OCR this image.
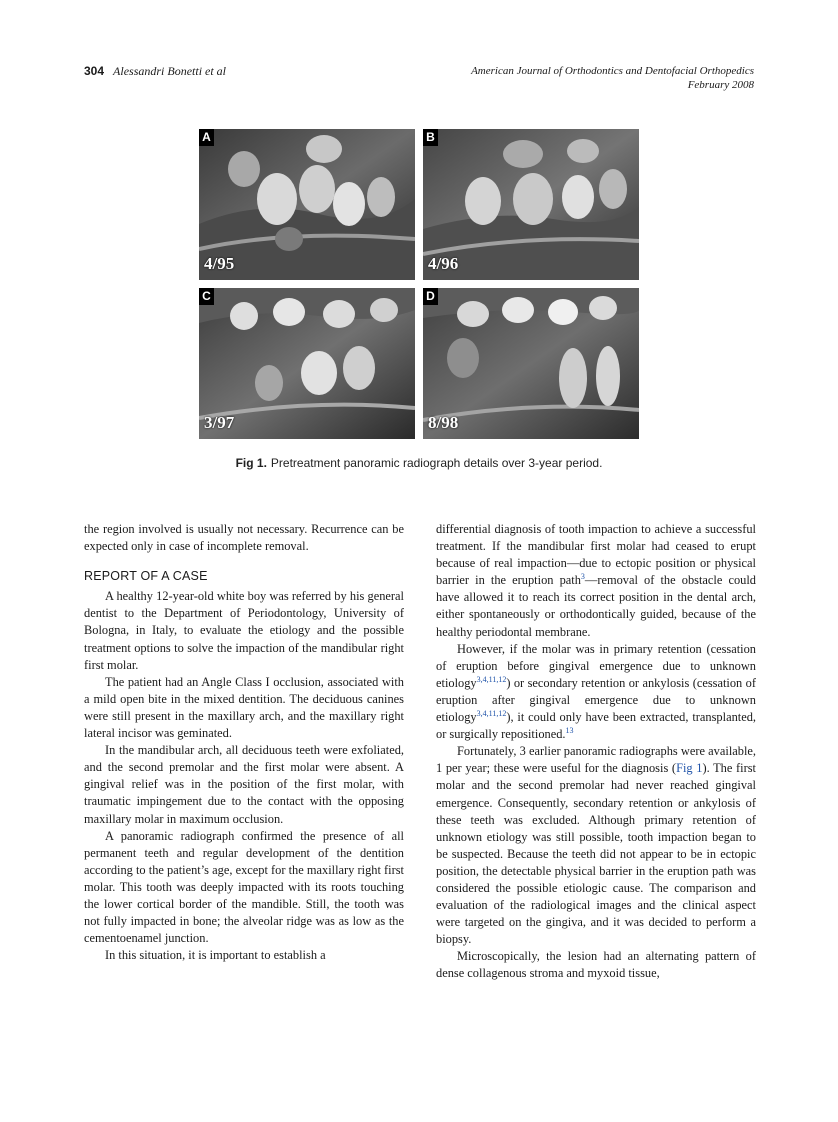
304 Alessandri Bonetti et al	American Journal of Orthodontics and Dentofacial Orthopedics
February 2008
A
4/95
B
4/96
C
3/97
D
8/98
Fig 1. Pretreatment panoramic radiograph details over 3-year period.

the region involved is usually not necessary. Recurrence can be expected only in case of incomplete removal.

REPORT OF A CASE

A healthy 12-year-old white boy was referred by his general dentist to the Department of Periodontology, University of Bologna, in Italy, to evaluate the etiology and the possible treatment options to solve the impaction of the mandibular right first molar.

The patient had an Angle Class I occlusion, associated with a mild open bite in the mixed dentition. The deciduous canines were still present in the maxillary arch, and the maxillary right lateral incisor was geminated.

In the mandibular arch, all deciduous teeth were exfoliated, and the second premolar and the first molar were absent. A gingival relief was in the position of the first molar, with traumatic impingement due to the contact with the opposing maxillary molar in maximum occlusion.

A panoramic radiograph confirmed the presence of all permanent teeth and regular development of the dentition according to the patient’s age, except for the maxillary right first molar. This tooth was deeply impacted with its roots touching the lower cortical border of the mandible. Still, the tooth was not fully impacted in bone; the alveolar ridge was as low as the cementoenamel junction.

In this situation, it is important to establish a

differential diagnosis of tooth impaction to achieve a successful treatment. If the mandibular first molar had ceased to erupt because of real impaction—due to ectopic position or physical barrier in the eruption path$^3$—removal of the obstacle could have allowed it to reach its correct position in the dental arch, either spontaneously or orthodontically guided, because of the healthy periodontal membrane.

However, if the molar was in primary retention (cessation of eruption before gingival emergence due to unknown etiology$^{3,4,11,12}$) or secondary retention or ankylosis (cessation of eruption after gingival emergence due to unknown etiology$^{3,4,11,12}$), it could only have been extracted, transplanted, or surgically repositioned.$^{13}$

Fortunately, 3 earlier panoramic radiographs were available, 1 per year; these were useful for the diagnosis (Fig 1). The first molar and the second premolar had never reached gingival emergence. Consequently, secondary retention or ankylosis of these teeth was excluded. Although primary retention of unknown etiology was still possible, tooth impaction began to be suspected. Because the teeth did not appear to be in ectopic position, the detectable physical barrier in the eruption path was considered the possible etiologic cause. The comparison and evaluation of the radiological images and the clinical aspect were targeted on the gingiva, and it was decided to perform a biopsy.

Microscopically, the lesion had an alternating pattern of dense collagenous stroma and myxoid tissue,
